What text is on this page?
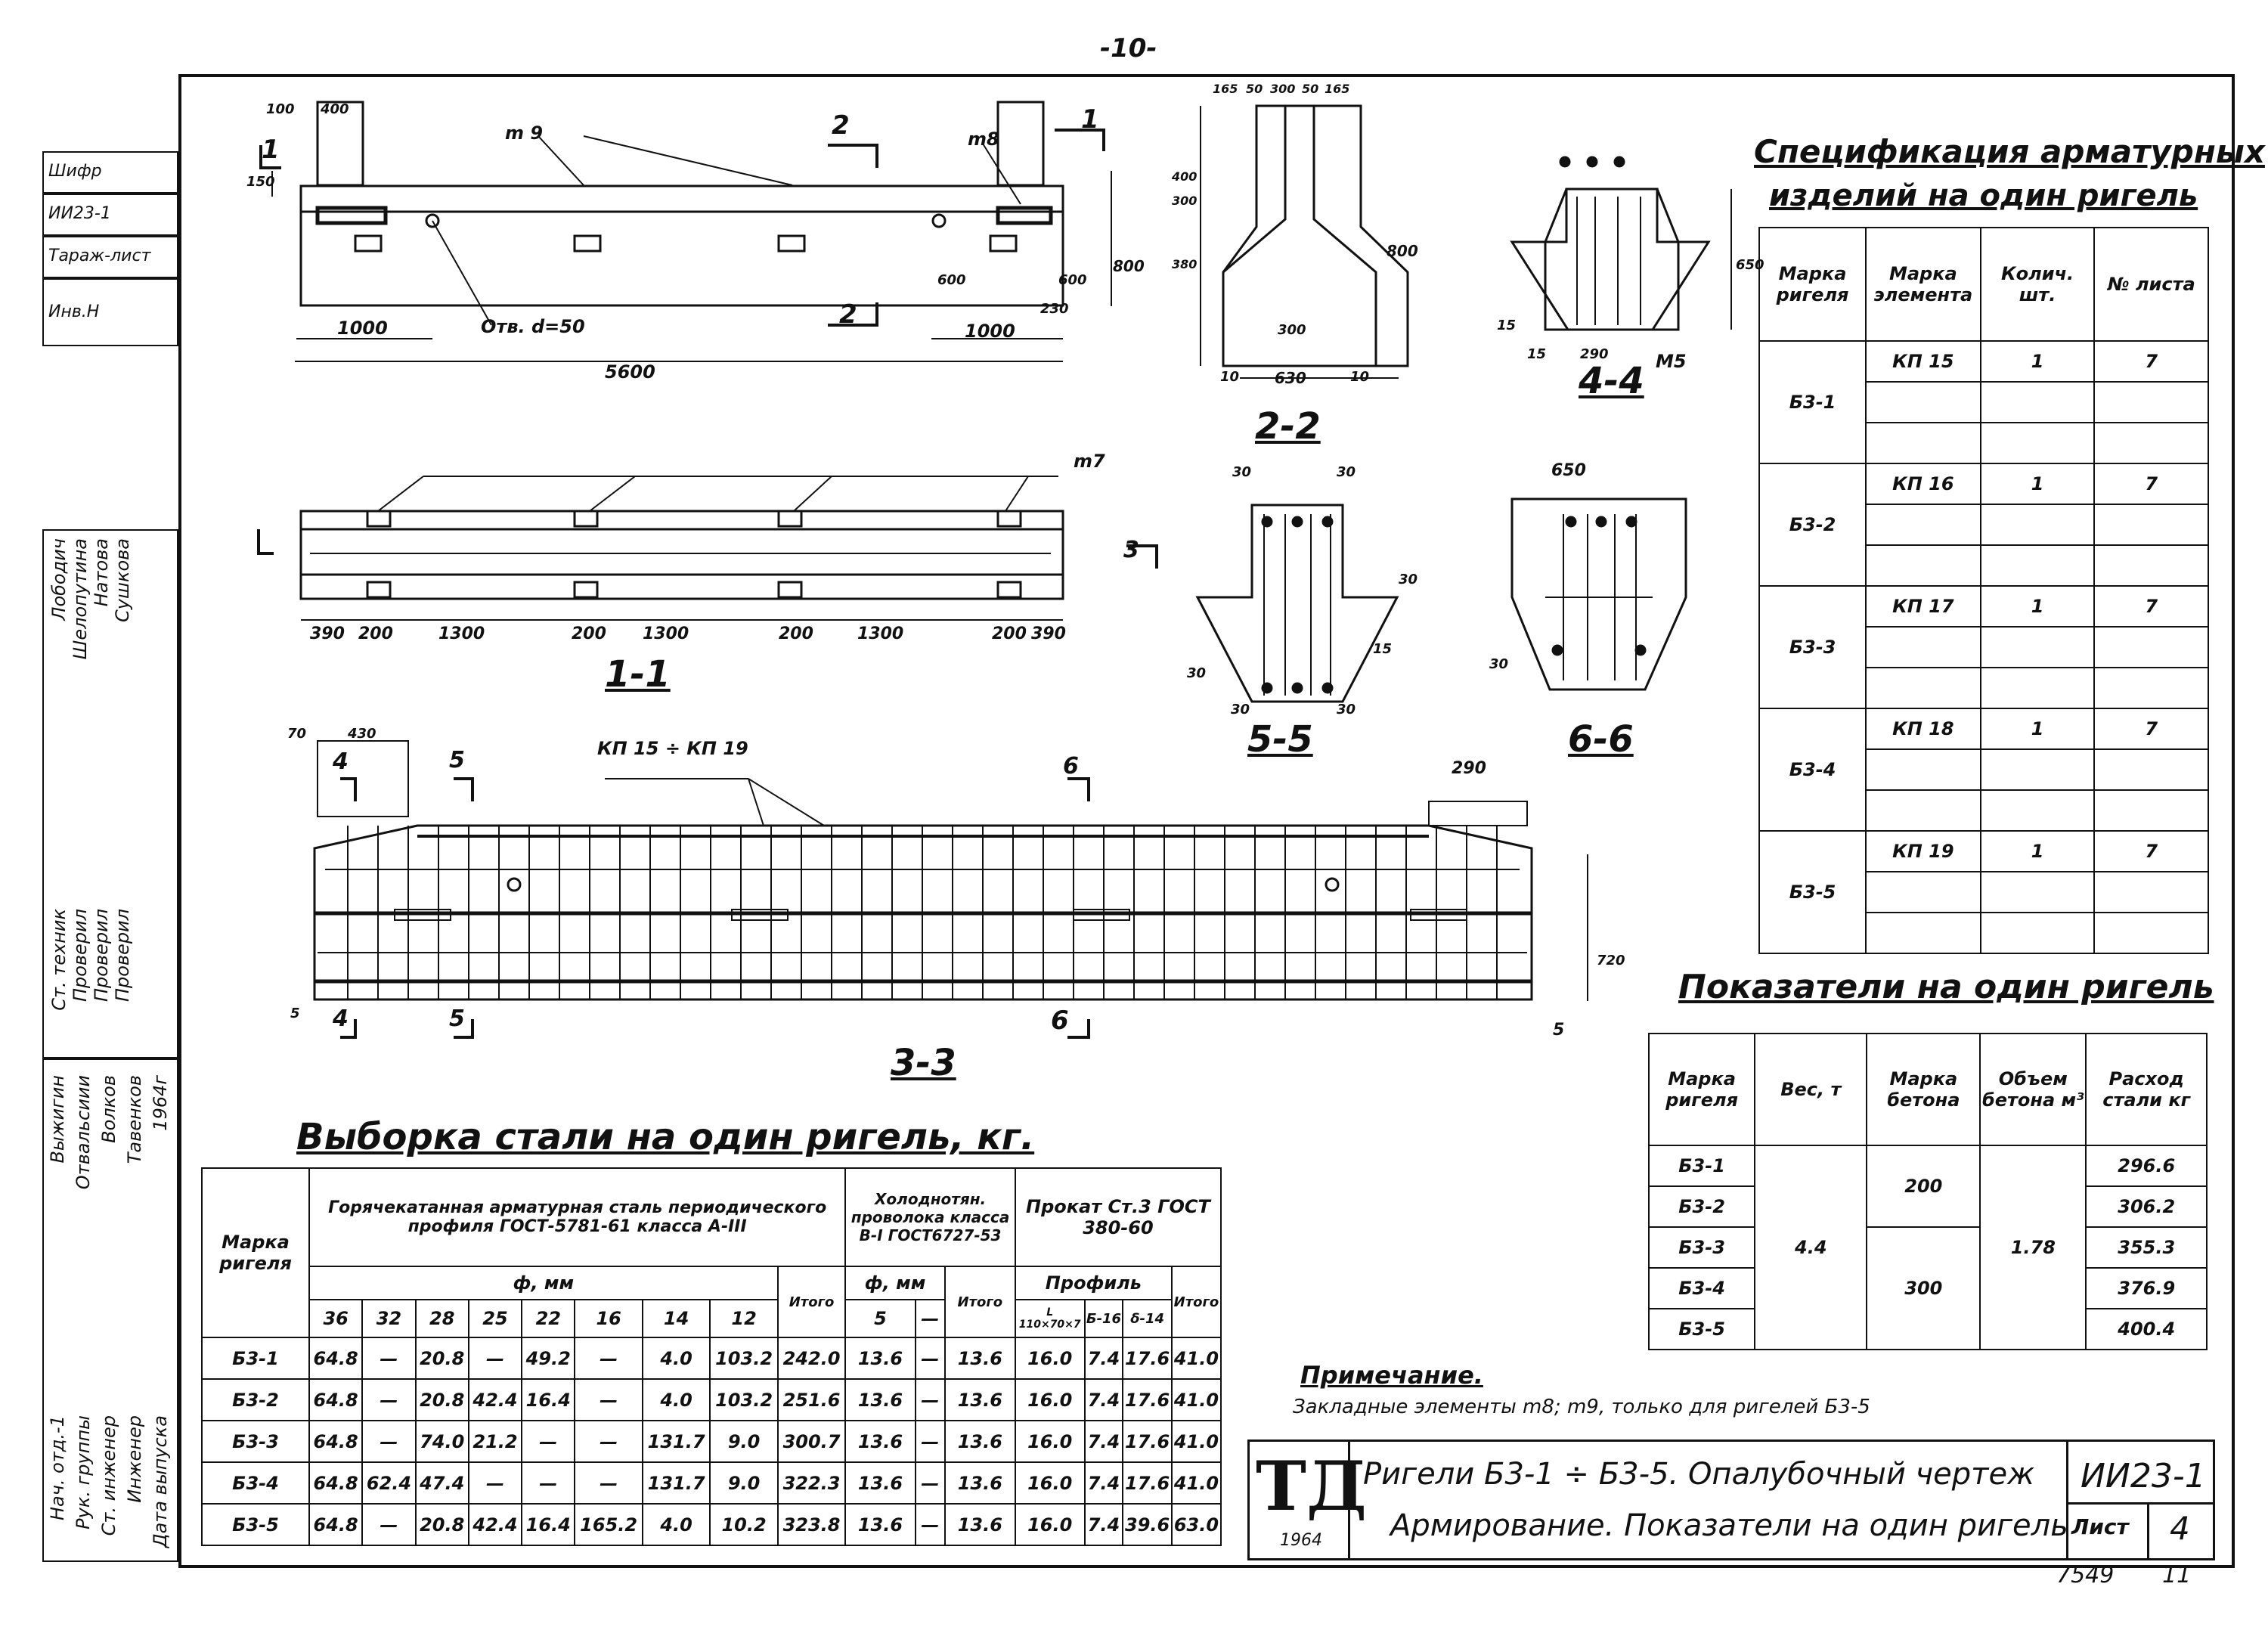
-10-
Шифр
ИИ23-1
Тараж-лист
Инв.Н
Ст. техник Проверил Проверил Проверил
Лободич Шелопутина Натова Сушкова
Нач. отд.-1 Рук. группы Ст. инженер Инженер Дата выпуска
Выжигин Отвальсиии Волков Тавенков 1964г
1-1
2-2
3-3
4-4
5-5	6-6
1
1
2
2
3
4
4
5
5
6
6
m 9	m8
m7
M5
КП 15 ÷ КП 19
Отв. d=50
100 400
150
1000	1000
5600
230
800
800
600	600
390 200	1300	200 1300	200	1300	200 390
165 50 300 50 165
300
400
380
300
630
10	10
650
15
15 290
30	30
30
30
15
30	30
650
30
70	430
290
720
5
5
Спецификация арматурных
изделий на один ригель
Марка ригеля	Марка элемента	Колич. шт.	№ листа
Б3-1	КП 15	1	7

Б3-2	КП 16	1	7

Б3-3	КП 17	1	7

Б3-4	КП 18	1	7

Б3-5	КП 19	1	7

Показатели на один ригель
Марка ригеля	Вес, т	Марка бетона	Объем бетона м³	Расход стали кг
Б3-1	4.4	200	1.78	296.6
Б3-2				306.2
Б3-3		300		355.3
Б3-4				376.9
Б3-5				400.4
Выборка стали на один ригель, кг.
Марка ригеля	Горячекатанная арматурная сталь периодического профиля ГОСТ-5781-61 класса А-III									Холоднотян. проволока класса В-I ГОСТ6727-53			Прокат Ст.3 ГОСТ 380-60			
	ф, мм								Итого	ф, мм		Итого	Профиль			Итого
	36	32	28	25	22	16	14	12		5	—		L 110×70×7	Б-16	δ-14	
Б3-1	64.8	—	20.8	—	49.2	—	4.0	103.2	242.0	13.6	—	13.6	16.0	7.4	17.6	41.0
Б3-2	64.8	—	20.8	42.4	16.4	—	4.0	103.2	251.6	13.6	—	13.6	16.0	7.4	17.6	41.0
Б3-3	64.8	—	74.0	21.2	—	—	131.7	9.0	300.7	13.6	—	13.6	16.0	7.4	17.6	41.0
Б3-4	64.8	62.4	47.4	—	—	—	131.7	9.0	322.3	13.6	—	13.6	16.0	7.4	17.6	41.0
Б3-5	64.8	—	20.8	42.4	16.4	165.2	4.0	10.2	323.8	13.6	—	13.6	16.0	7.4	39.6	63.0
Примечание.
Закладные элементы m8; m9, только для ригелей Б3-5
ТД
1964
Ригели Б3-1 ÷ Б3-5. Опалубочный чертеж
Армирование. Показатели на один ригель
ИИ23-1
Лист 4
7549 11
